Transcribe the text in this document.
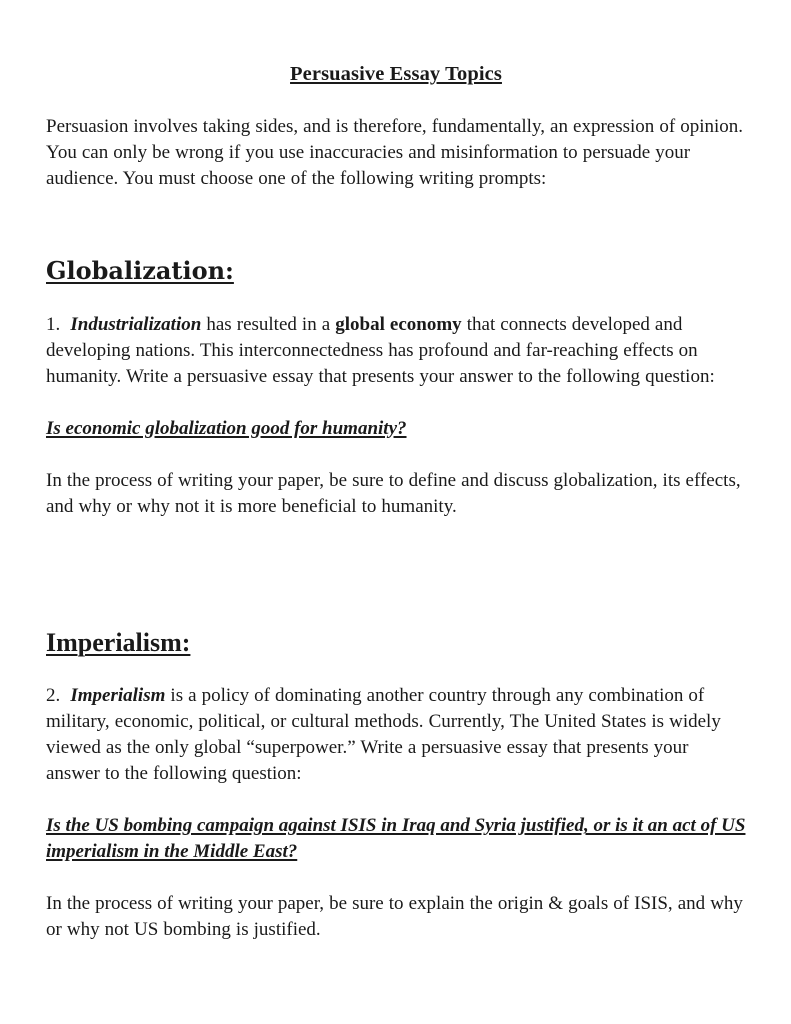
Persuasive Essay Topics

Persuasion involves taking sides, and is therefore, fundamentally, an expression of opinion. You can only be wrong if you use inaccuracies and misinformation to persuade your audience. You must choose one of the following writing prompts:

Globalization:

1. Industrialization has resulted in a global economy that connects developed and developing nations. This interconnectedness has profound and far-reaching effects on humanity. Write a persuasive essay that presents your answer to the following question:

Is economic globalization good for humanity?

In the process of writing your paper, be sure to define and discuss globalization, its effects, and why or why not it is more beneficial to humanity.

Imperialism:

2. Imperialism is a policy of dominating another country through any combination of military, economic, political, or cultural methods. Currently, The United States is widely viewed as the only global “superpower.” Write a persuasive essay that presents your answer to the following question:

Is the US bombing campaign against ISIS in Iraq and Syria justified, or is it an act of US imperialism in the Middle East?

In the process of writing your paper, be sure to explain the origin & goals of ISIS, and why or why not US bombing is justified.
